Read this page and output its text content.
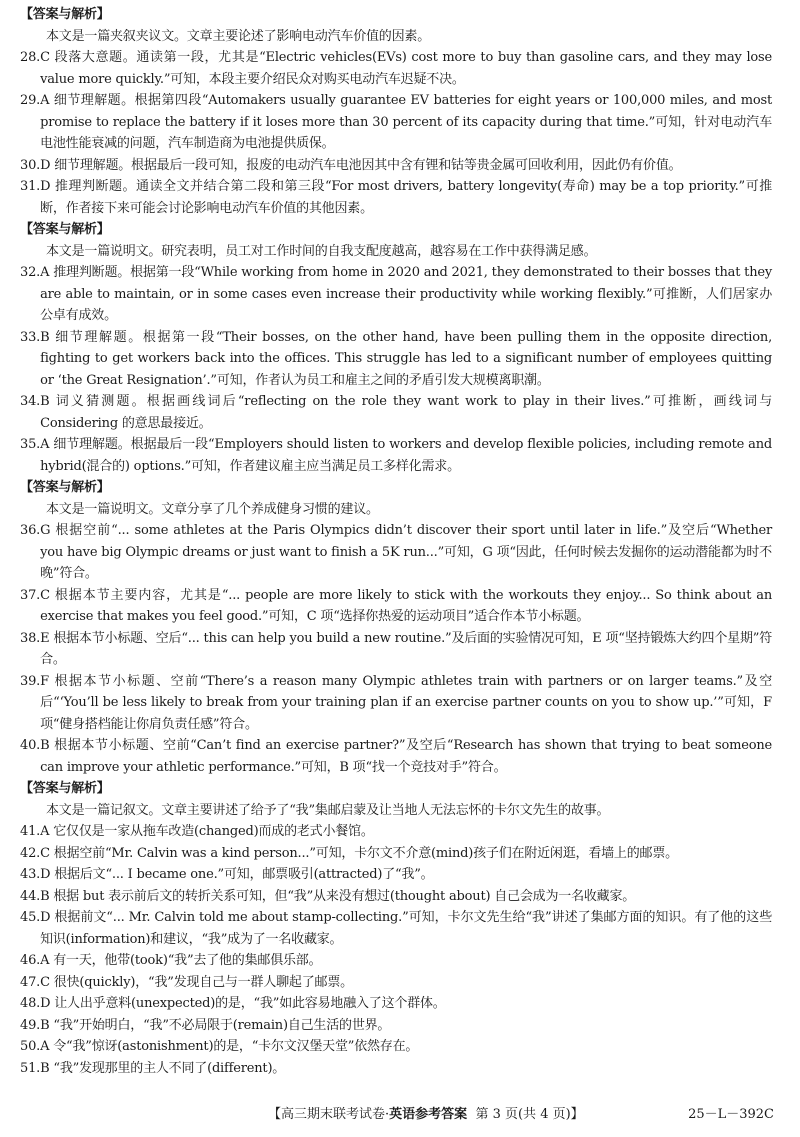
【答案与解析】
本文是一篇夹叙夹议文。文章主要论述了影响电动汽车价值的因素。
28. C 段落大意题。通读第一段，尤其是“Electric vehicles(EVs) cost more to buy than gasoline cars, and they may lose value more quickly.”可知，本段主要介绍民众对购买电动汽车迟疑不决。
29. A 细节理解题。根据第四段“Automakers usually guarantee EV batteries for eight years or 100,000 miles, and most promise to replace the battery if it loses more than 30 percent of its capacity during that time.”可知，针对电动汽车电池性能衰减的问题，汽车制造商为电池提供质保。
30. D 细节理解题。根据最后一段可知，报废的电动汽车电池因其中含有锂和钴等贵金属可回收利用，因此仍有价值。
31. D 推理判断题。通读全文并结合第二段和第三段“For most drivers, battery longevity(寿命) may be a top priority.”可推断，作者接下来可能会讨论影响电动汽车价值的其他因素。
【答案与解析】
本文是一篇说明文。研究表明，员工对工作时间的自我支配度越高，越容易在工作中获得满足感。
32. A 推理判断题。根据第一段“While working from home in 2020 and 2021, they demonstrated to their bosses that they are able to maintain, or in some cases even increase their productivity while working flexibly.”可推断，人们居家办公卓有成效。
33. B 细节理解题。根据第一段“Their bosses, on the other hand, have been pulling them in the opposite direction, fighting to get workers back into the offices. This struggle has led to a significant number of employees quitting or ‘the Great Resignation’.”可知，作者认为员工和雇主之间的矛盾引发大规模离职潮。
34. B 词义猜测题。根据画线词后“reflecting on the role they want work to play in their lives.”可推断，画线词与 Considering 的意思最接近。
35. A 细节理解题。根据最后一段“Employers should listen to workers and develop flexible policies, including remote and hybrid(混合的) options.”可知，作者建议雇主应当满足员工多样化需求。
【答案与解析】
本文是一篇说明文。文章分享了几个养成健身习惯的建议。
36. G 根据空前“... some athletes at the Paris Olympics didn’t discover their sport until later in life.”及空后“Whether you have big Olympic dreams or just want to finish a 5K run...”可知，G 项“因此，任何时候去发掘你的运动潜能都为时不晚”符合。
37. C 根据本节主要内容，尤其是“... people are more likely to stick with the workouts they enjoy... So think about an exercise that makes you feel good.”可知，C 项“选择你热爱的运动项目”适合作本节小标题。
38. E 根据本节小标题、空后“... this can help you build a new routine.”及后面的实验情况可知，E 项“坚持锻炼大约四个星期”符合。
39. F 根据本节小标题、空前“There’s a reason many Olympic athletes train with partners or on larger teams.”及空后“‘You’ll be less likely to break from your training plan if an exercise partner counts on you to show up.’”可知，F 项“健身搭档能让你肩负责任感”符合。
40. B 根据本节小标题、空前“Can’t find an exercise partner?”及空后“Research has shown that trying to beat someone can improve your athletic performance.”可知，B 项“找一个竞技对手”符合。
【答案与解析】
本文是一篇记叙文。文章主要讲述了给予了“我”集邮启蒙及让当地人无法忘怀的卡尔文先生的故事。
41. A 它仅仅是一家从拖车改造(changed)而成的老式小餐馆。
42. C 根据空前“Mr. Calvin was a kind person...”可知，卡尔文不介意(mind)孩子们在附近闲逛，看墙上的邮票。
43. D 根据后文“... I became one.”可知，邮票吸引(attracted)了“我”。
44. B 根据 but 表示前后文的转折关系可知，但“我”从来没有想过(thought about) 自己会成为一名收藏家。
45. D 根据前文“... Mr. Calvin told me about stamp-collecting.”可知，卡尔文先生给“我”讲述了集邮方面的知识。有了他的这些知识(information)和建议，“我”成为了一名收藏家。
46. A 有一天，他带(took)“我”去了他的集邮俱乐部。
47. C 很快(quickly)，“我”发现自己与一群人聊起了邮票。
48. D 让人出乎意料(unexpected)的是，“我”如此容易地融入了这个群体。
49. B “我”开始明白，“我”不必局限于(remain)自己生活的世界。
50. A 令“我”惊讶(astonishment)的是，“卡尔文汉堡天堂”依然存在。
51. B “我”发现那里的主人不同了(different)。
【高三期末联考试卷·英语参考答案 第 3 页(共 4 页)】	25－L－392C
